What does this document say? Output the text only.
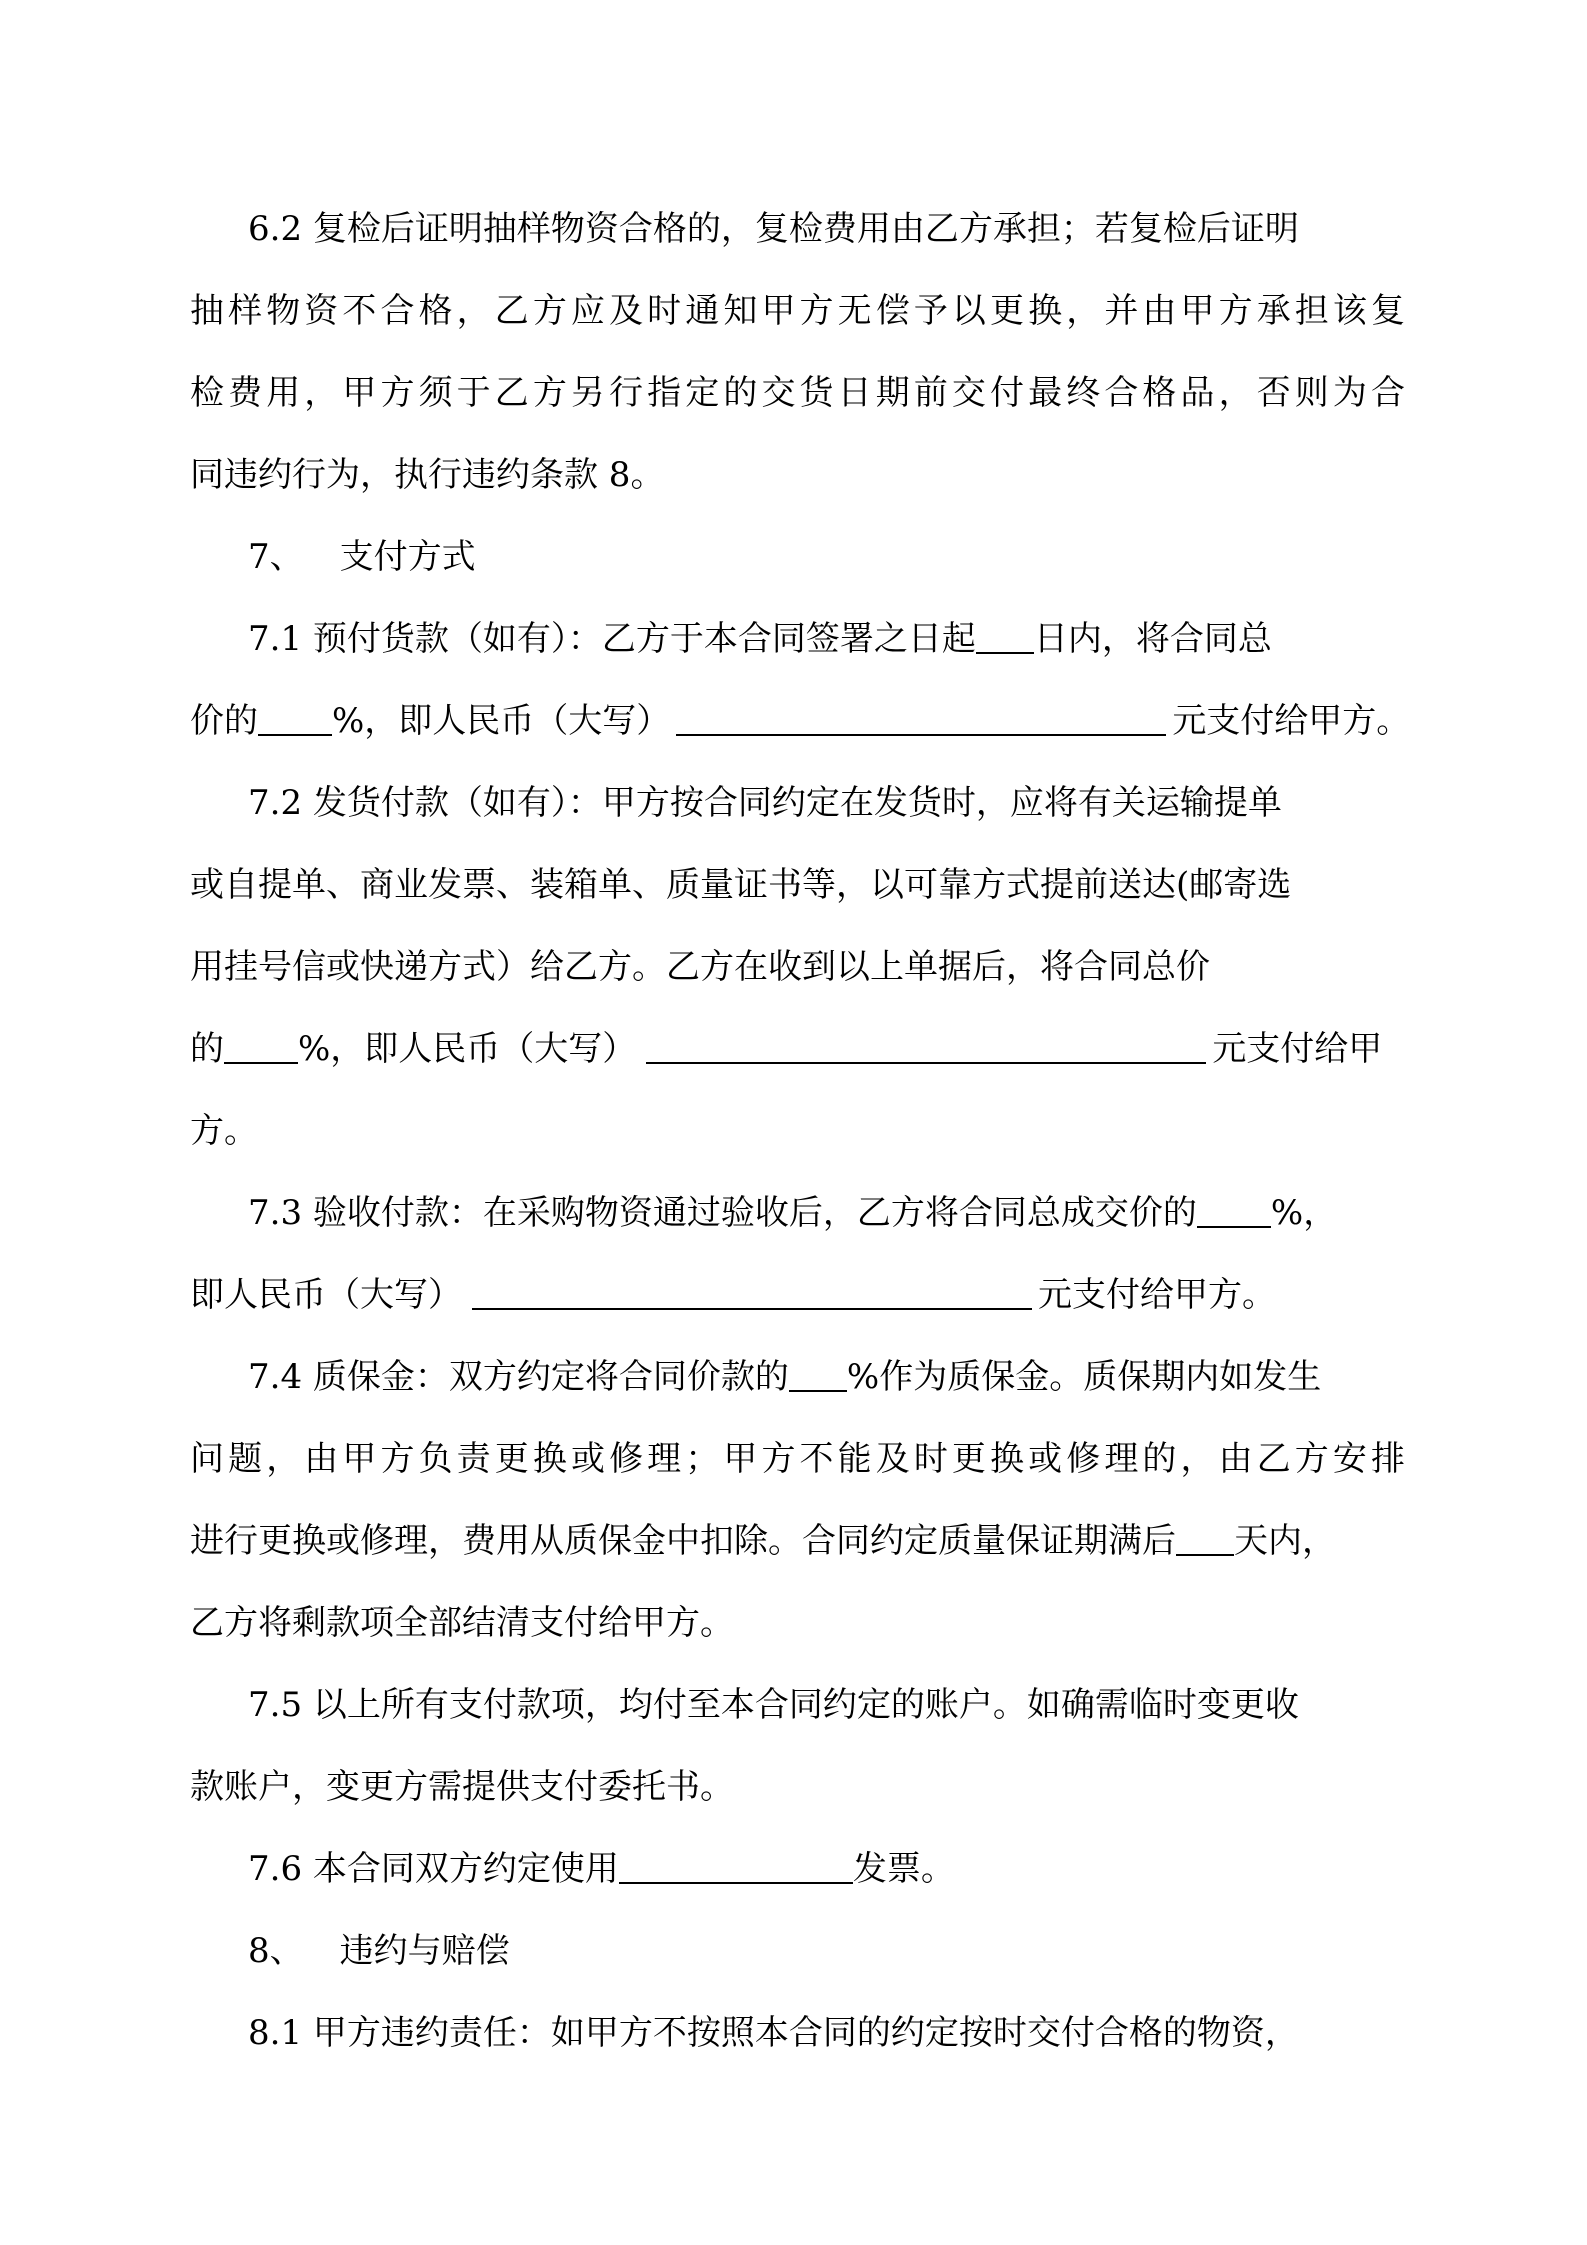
6.2 复检后证明抽样物资合格的，复检费用由乙方承担；若复检后证明
抽样物资不合格，乙方应及时通知甲方无偿予以更换，并由甲方承担该复
检费用，甲方须于乙方另行指定的交货日期前交付最终合格品，否则为合
同违约行为，执行违约条款 8。
7、 支付方式
7.1 预付货款（如有）：乙方于本合同签署之日起 日内，将合同总
价的 %，即人民币（大写）	元支付给甲方。
7.2 发货付款（如有）：甲方按合同约定在发货时，应将有关运输提单
或自提单、商业发票、装箱单、质量证书等，以可靠方式提前送达(邮寄选
用挂号信或快递方式）给乙方。乙方在收到以上单据后，将合同总价
的 %，即人民币（大写）	元支付给甲
方。
7.3 验收付款：在采购物资通过验收后，乙方将合同总成交价的 %，
即人民币（大写）	元支付给甲方。
7.4 质保金：双方约定将合同价款的 %作为质保金。质保期内如发生
问题，由甲方负责更换或修理；甲方不能及时更换或修理的，由乙方安排
进行更换或修理，费用从质保金中扣除。合同约定质量保证期满后 天内，
乙方将剩款项全部结清支付给甲方。
7.5 以上所有支付款项，均付至本合同约定的账户。如确需临时变更收
款账户，变更方需提供支付委托书。
7.6 本合同双方约定使用	发票。
8、 违约与赔偿
8.1 甲方违约责任：如甲方不按照本合同的约定按时交付合格的物资，
